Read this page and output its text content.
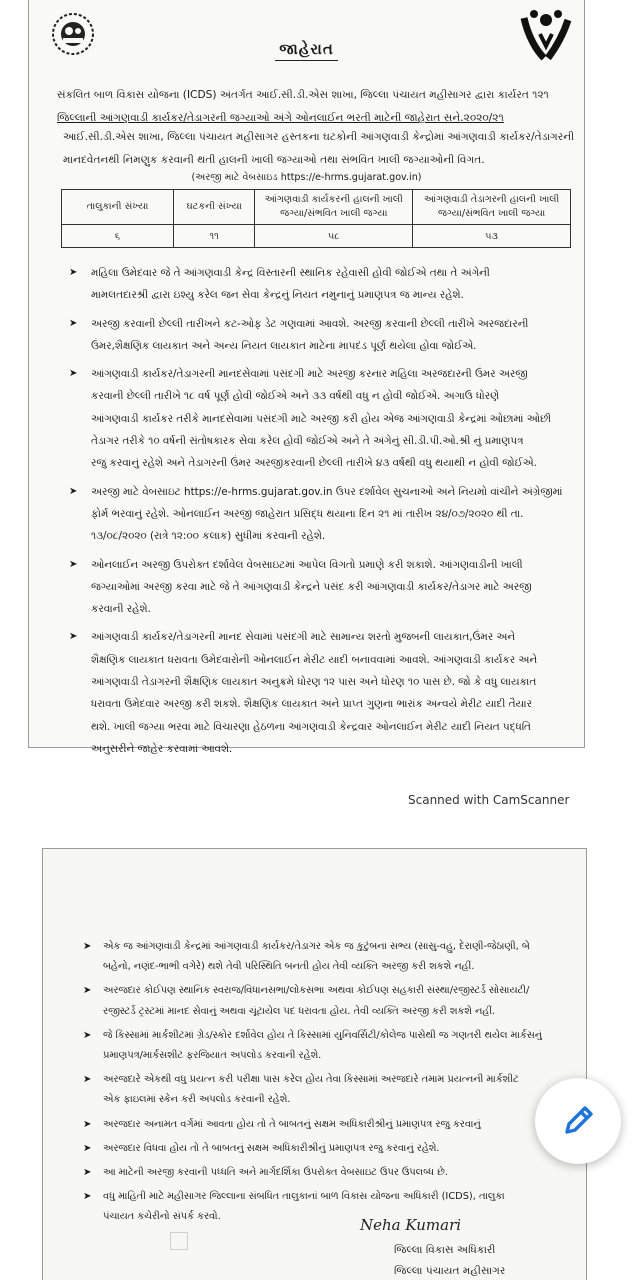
જાહેરાત

સંકલિત બાળ વિકાસ યોજના (ICDS) અંતર્ગત આઈ.સી.ડી.એસ શાખા, જિલ્લા પંચાયત મહીસાગર દ્વારા કાર્યરત ૧૨૧

જિલ્લાની આંગણવાડી કાર્યકર/તેડાગરની જગ્યાઓ અંગે ઓનલાઈન ભરતી માટેની જાહેરાત સને.૨૦૨૦/૨૧

આઈ.સી.ડી.એસ શાખા, જિલ્લા પંચાયત મહીસાગર હસ્તકના ઘટકોની આંગણવાડી કેન્દ્રોમાં આંગણવાડી કાર્યકર/તેડાગરની

માનદવેતનથી નિમણુક કરવાની થતી હાલની ખાલી જગ્યાઓ તથા સંભવિત ખાલી જગ્યાઓની વિગત.

(અરજી માટે વેબસાઇડ https://e-hrms.gujarat.gov.in)
તાલુકાની સંખ્યા	ઘટકની સંખ્યા	આંગણવાડી કાર્યકરની હાલની ખાલી જગ્યા/સંભવિત ખાલી જગ્યા	આંગણવાડી તેડાગરની હાલની ખાલી જગ્યા/સંભવિત ખાલી જગ્યા
૬	૧૧	૫૮	૫૩
➤ મહિલા ઉમેદવાર જે તે આંગણવાડી કેન્દ્ર વિસ્તારની સ્થાનિક રહેવાસી હોવી જોઈએ તથા તે અંગેની
મામલતદારશ્રી દ્વારા ઇશ્યુ કરેલ જન સેવા કેન્દ્રનું નિયત નમુનાનું પ્રમાણપત્ર જ માન્ય રહેશે.
➤ અરજી કરવાની છેલ્લી તારીખને કટ-ઓફ ડેટ ગણવામાં આવશે. અરજી કરવાની છેલ્લી તારીખે અરજદારની
ઉંમર,શૈક્ષણિક લાયકાત અને અન્ય નિયત લાયકાત માટેના માપદંડ પૂર્ણ થયેલા હોવા જોઈએ.
➤ આંગણવાડી કાર્યકર/તેડાગરની માનદસેવામાં પસંદગી માટે અરજી કરનાર મહિલા અરજદારની ઉંમર અરજી
કરવાની છેલ્લી તારીખે ૧૮ વર્ષ પૂર્ણ હોવી જોઈએ અને ૩૩ વર્ષથી વધુ ન હોવી જોઈએ. અગાઉ ધોરણે
આંગણવાડી કાર્યકર તરીકે માનદસેવામાં પસંદગી માટે અરજી કરી હોય એજ આંગણવાડી કેન્દ્રમાં ઓછામાં ઓછી
તેડાગર તરીકે ૧૦ વર્ષની સંતોષકારક સેવા કરેલ હોવી જોઈએ અને તે અંગેનું સી.ડી.પી.ઓ.શ્રી નું પ્રમાણપત્ર
રજુ કરવાનું રહેશે અને તેડાગરની ઉંમર અરજીકરવાની છેલ્લી તારીખે ૪૩ વર્ષથી વધુ થયાથી ન હોવી જોઈએ.
➤ અરજી માટે વેબસાઇટ https://e-hrms.gujarat.gov.in ઉપર દર્શાવેલ સુચનાઓ અને નિયમો વાંચીને અંગ્રેજીમાં
ફોર્મ ભરવાનું રહેશે. ઓનલાઈન અરજી જાહેરાત પ્રસિદ્ધ થયાના દિન ૨૧ માં તારીખ ૨૪/૦૭/૨૦૨૦ થી તા.
૧૩/૦૮/૨૦૨૦ (રાત્રે ૧૨:૦૦ કલાક) સુધીમાં કરવાની રહેશે.
➤ ઓનલાઈન અરજી ઉપરોક્ત દર્શાવેલ વેબસાઇટમાં આપેલ વિગતો પ્રમાણે કરી શકાશે. આંગણવાડીની ખાલી
જગ્યાઓમાં અરજી કરવા માટે જે તે આંગણવાડી કેન્દ્રને પસંદ કરી આંગણવાડી કાર્યકર/તેડાગર માટે અરજી
કરવાની રહેશે.
➤ આંગણવાડી કાર્યકર/તેડાગરની માનદ સેવામાં પસંદગી માટે સામાન્ય શરતો મુજબની લાયકાત,ઉંમર અને
શૈક્ષણિક લાયકાત ધરાવતા ઉમેદવારોની ઓનલાઈન મેરીટ યાદી બનાવવામાં આવશે. આંગણવાડી કાર્યકર અને
આંગણવાડી તેડાગરની શૈક્ષણિક લાયકાત અનુક્રમે ધોરણ ૧૨ પાસ અને ધોરણ ૧૦ પાસ છે. જો કે વધુ લાયકાત
ધરાવતા ઉમેદવાર અરજી કરી શકશે. શૈક્ષણિક લાયકાત અને પ્રાપ્ત ગુણના ભારાંક અન્વયે મેરીટ યાદી તૈયાર
થશે. ખાલી જગ્યા ભરવા માટે વિચારણા હેઠળના આંગણવાડી કેન્દ્રવાર ઓનલાઈન મેરીટ યાદી નિયત પદ્ધતિ
અનુસરીને જાહેર કરવામાં આવશે.
Scanned with CamScanner
➤ એક જ આંગણવાડી કેન્દ્રમાં આંગણવાડી કાર્યકર/તેડાગર એક જ કુટુંબના સભ્ય (સાસુ-વહુ, દેરાણી-જેઠાણી, બે
બહેનો, નણંદ-ભાભી વગેરે) થશે તેવી પરિસ્થિતિ બનતી હોય તેવી વ્યક્તિ અરજી કરી શકશે નહીં.
➤ અરજદાર કોઈપણ સ્થાનિક સ્વરાજ/વિધાનસભા/લોકસભા અથવા કોઈપણ સહકારી સંસ્થા/રજીસ્ટર્ડ સોસાયટી/
રજીસ્ટર્ડ ટ્રસ્ટમાં માનદ સેવાનું અથવા ચૂંટાયેલ પદ ધરાવતા હોય. તેવી વ્યક્તિ અરજી કરી શકશે નહીં.
➤ જે કિસ્સામાં માર્કશીટમાં ગ્રેડ/સ્કોર દર્શાવેલ હોય તે કિસ્સામાં યુનિવર્સિટી/કોલેજ પાસેથી જ ગણતરી થયેલ માર્કસનું
પ્રમાણપત્ર/માર્કસશીટ ફરજિયાત અપલોડ કરવાની રહેશે.
➤ અરજદારે એકથી વધુ પ્રયત્ન કરી પરીક્ષા પાસ કરેલ હોય તેવા કિસ્સામાં અરજદારે તમામ પ્રયત્નની માર્કશીટ
એક ફાઇલમાં સ્કેન કરી અપલોડ કરવાની રહેશે.
➤ અરજદાર અનામત વર્ગમાં આવતા હોય તો તે બાબતનું સક્ષમ અધિકારીશ્રીનું પ્રમાણપત્ર રજુ કરવાનું
➤ અરજદાર વિધવા હોય તો તે બાબતનું સક્ષમ અધિકારીશ્રીનું પ્રમાણપત્ર રજુ કરવાનું રહેશે.
➤ આ માટેની અરજી કરવાની પધ્ધતિ અને માર્ગદર્શિકા ઉપરોક્ત વેબસાઇટ ઉપર ઉપલબ્ધ છે.
➤ વધુ માહિતી માટે મહીસાગર જિલ્લાના સંબધિત તાલુકાનાં બાળ વિકાસ યોજના અધિકારી (ICDS), તાલુકા
પંચાયત કચેરીનો સંપર્ક કરવો.	Neha Kumari
જિલ્લા વિકાસ અધિકારી
જિલ્લા પંચાયત મહીસાગર
